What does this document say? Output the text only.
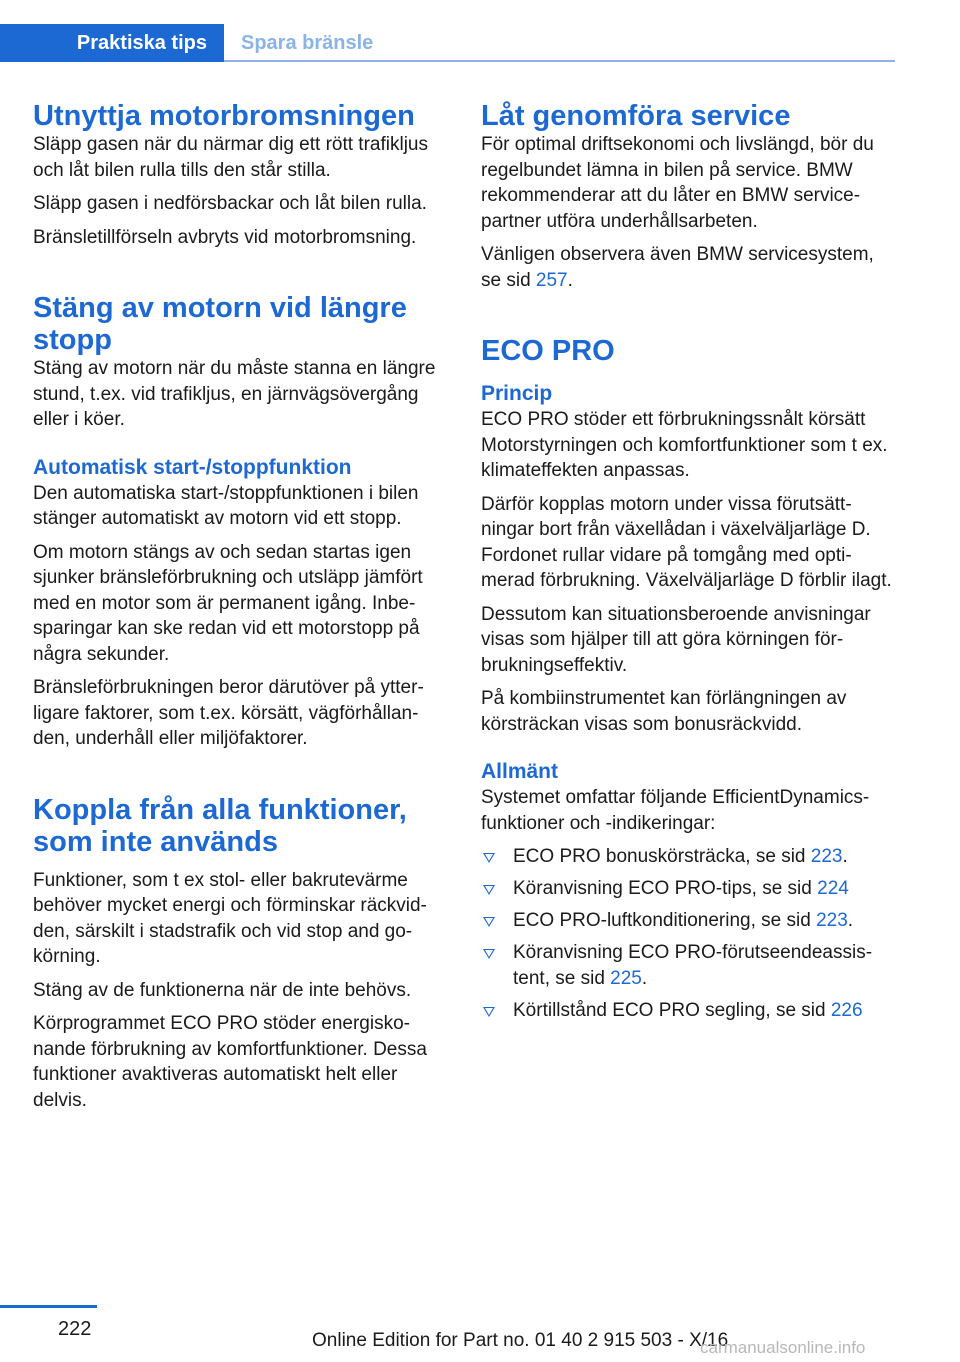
Praktiska tips Spara bränsle
Utnyttja motorbromsningen

Släpp gasen när du närmar dig ett rött trafikljus och låt bilen rulla tills den står stilla.

Släpp gasen i nedförsbackar och låt bilen rulla.

Bränsletillförseln avbryts vid motorbromsning.

Stäng av motorn vid längre stopp

Stäng av motorn när du måste stanna en längre stund, t.ex. vid trafikljus, en järnvägsövergång eller i köer.

Automatisk start-/stoppfunktion

Den automatiska start-/stoppfunktionen i bilen stänger automatiskt av motorn vid ett stopp.

Om motorn stängs av och sedan startas igen sjunker bränsleförbrukning och utsläpp jämfört med en motor som är permanent igång. Inbesparingar kan ske redan vid ett motorstopp på några sekunder.

Bränsleförbrukningen beror därutöver på ytterligare faktorer, som t.ex. körsätt, vägförhållanden, underhåll eller miljöfaktorer.

Koppla från alla funktioner, som inte används

Funktioner, som t ex stol- eller bakrutevärme behöver mycket energi och förminskar räckvidden, särskilt i stadstrafik och vid stop and go-körning.

Stäng av de funktionerna när de inte behövs.

Körprogrammet ECO PRO stöder energiskonande förbrukning av komfortfunktioner. Dessa funktioner avaktiveras automatiskt helt eller delvis.

Låt genomföra service

För optimal driftsekonomi och livslängd, bör du regelbundet lämna in bilen på service. BMW rekommenderar att du låter en BMW servicepartner utföra underhållsarbeten.

Vänligen observera även BMW servicesystem, se sid 257.

ECO PRO
Princip

ECO PRO stöder ett förbrukningssnålt körsätt Motorstyrningen och komfortfunktioner som t ex. klimateffekten anpassas.

Därför kopplas motorn under vissa förutsättningar bort från växellådan i växelväljarläge D. Fordonet rullar vidare på tomgång med optimerad förbrukning. Växelväljarläge D förblir ilagt.

Dessutom kan situationsberoende anvisningar visas som hjälper till att göra körningen förbrukningseffektiv.

På kombiinstrumentet kan förlängningen av körsträckan visas som bonusräckvidd.

Allmänt

Systemet omfattar följande EfficientDynamics-funktioner och -indikeringar:

ECO PRO bonuskörsträcka, se sid 223.
Köranvisning ECO PRO-tips, se sid 224
ECO PRO-luftkonditionering, se sid 223.
Köranvisning ECO PRO-förutseendeassistent, se sid 225.
Körtillstånd ECO PRO segling, se sid 226
222
Online Edition for Part no. 01 40 2 915 503 - X/16
carmanualsonline.info
